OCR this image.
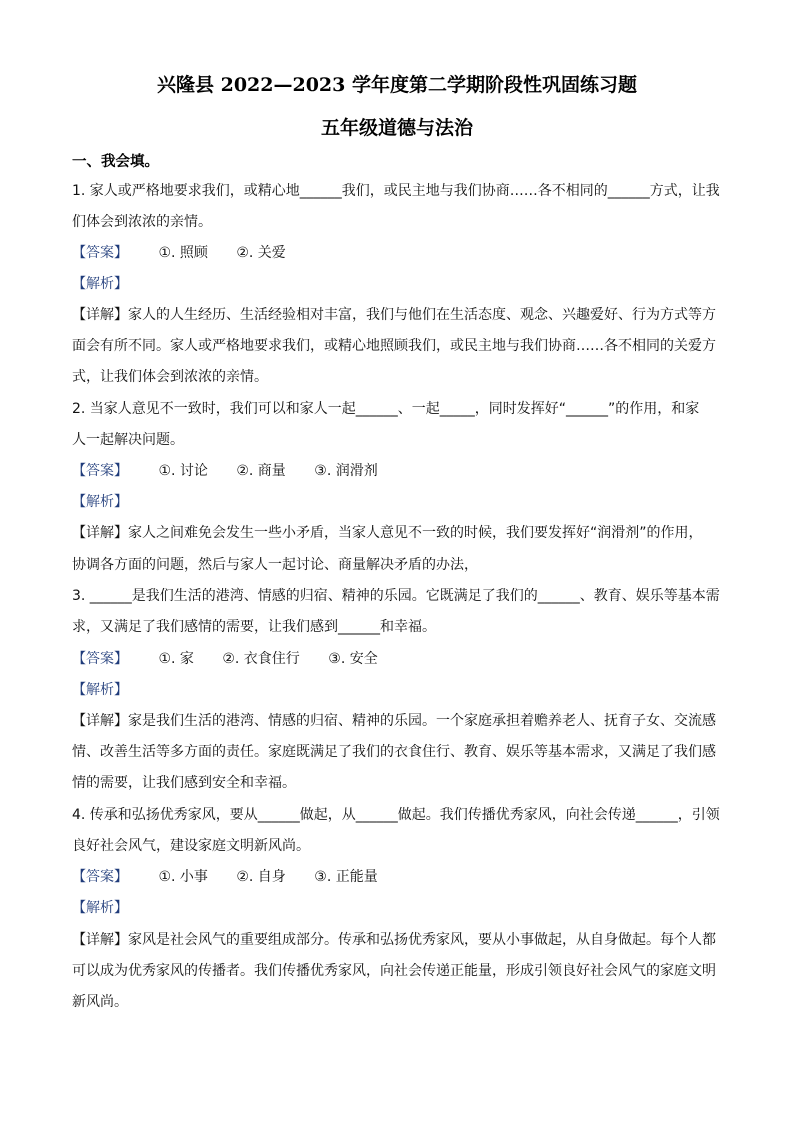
兴隆县 2022—2023 学年度第二学期阶段性巩固练习题
五年级道德与法治
一、我会填。
1. 家人或严格地要求我们，或精心地______我们，或民主地与我们协商……各不相同的______方式，让我
们体会到浓浓的亲情。
【答案】 ①. 照顾 ②. 关爱
【解析】
【详解】家人的人生经历、生活经验相对丰富，我们与他们在生活态度、观念、兴趣爱好、行为方式等方
面会有所不同。家人或严格地要求我们，或精心地照顾我们，或民主地与我们协商……各不相同的关爱方
式，让我们体会到浓浓的亲情。
2. 当家人意见不一致时，我们可以和家人一起______、一起_____，同时发挥好“______”的作用，和家
人一起解决问题。
【答案】 ①. 讨论 ②. 商量 ③. 润滑剂
【解析】
【详解】家人之间难免会发生一些小矛盾，当家人意见不一致的时候，我们要发挥好“润滑剂”的作用，
协调各方面的问题，然后与家人一起讨论、商量解决矛盾的办法，
3. ______是我们生活的港湾、情感的归宿、精神的乐园。它既满足了我们的______、教育、娱乐等基本需
求，又满足了我们感情的需要，让我们感到______和幸福。
【答案】 ①. 家 ②. 衣食住行 ③. 安全
【解析】
【详解】家是我们生活的港湾、情感的归宿、精神的乐园。一个家庭承担着赡养老人、抚育子女、交流感
情、改善生活等多方面的责任。家庭既满足了我们的衣食住行、教育、娱乐等基本需求，又满足了我们感
情的需要，让我们感到安全和幸福。
4. 传承和弘扬优秀家风，要从______做起，从______做起。我们传播优秀家风，向社会传递______，引领
良好社会风气，建设家庭文明新风尚。
【答案】 ①. 小事 ②. 自身 ③. 正能量
【解析】
【详解】家风是社会风气的重要组成部分。传承和弘扬优秀家风，要从小事做起，从自身做起。每个人都
可以成为优秀家风的传播者。我们传播优秀家风，向社会传递正能量，形成引领良好社会风气的家庭文明
新风尚。
